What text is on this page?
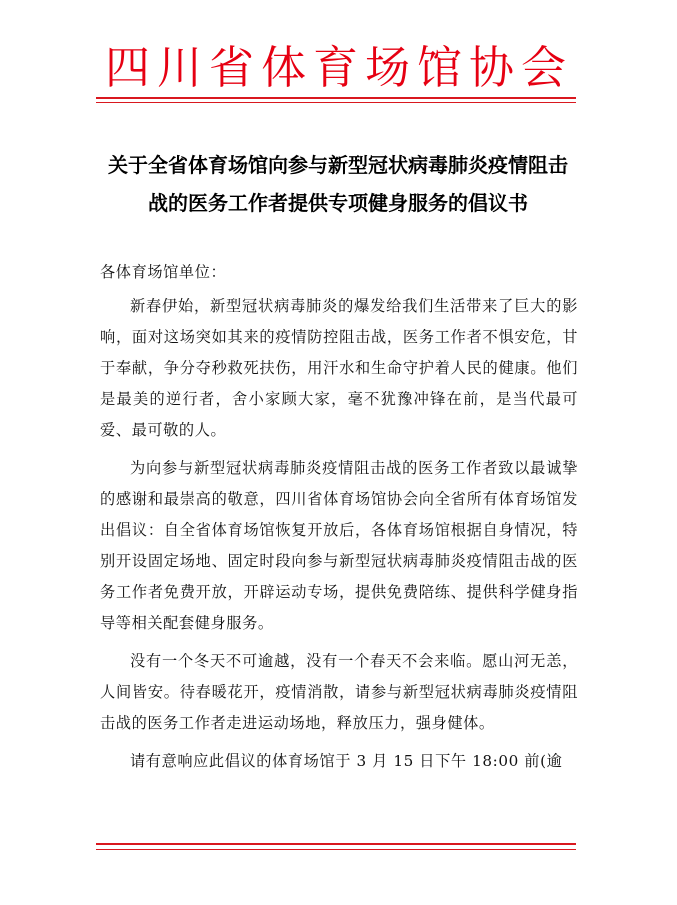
四川省体育场馆协会
关于全省体育场馆向参与新型冠状病毒肺炎疫情阻击
战的医务工作者提供专项健身服务的倡议书

各体育场馆单位：

新春伊始，新型冠状病毒肺炎的爆发给我们生活带来了巨大的影响，面对这场突如其来的疫情防控阻击战，医务工作者不惧安危，甘于奉献，争分夺秒救死扶伤，用汗水和生命守护着人民的健康。他们是最美的逆行者，舍小家顾大家，毫不犹豫冲锋在前，是当代最可爱、最可敬的人。

为向参与新型冠状病毒肺炎疫情阻击战的医务工作者致以最诚挚的感谢和最崇高的敬意，四川省体育场馆协会向全省所有体育场馆发出倡议：自全省体育场馆恢复开放后，各体育场馆根据自身情况，特别开设固定场地、固定时段向参与新型冠状病毒肺炎疫情阻击战的医务工作者免费开放，开辟运动专场，提供免费陪练、提供科学健身指导等相关配套健身服务。

没有一个冬天不可逾越，没有一个春天不会来临。愿山河无恙，人间皆安。待春暖花开，疫情消散，请参与新型冠状病毒肺炎疫情阻击战的医务工作者走进运动场地，释放压力，强身健体。

请有意响应此倡议的体育场馆于 3 月 15 日下午 18:00 前(逾
